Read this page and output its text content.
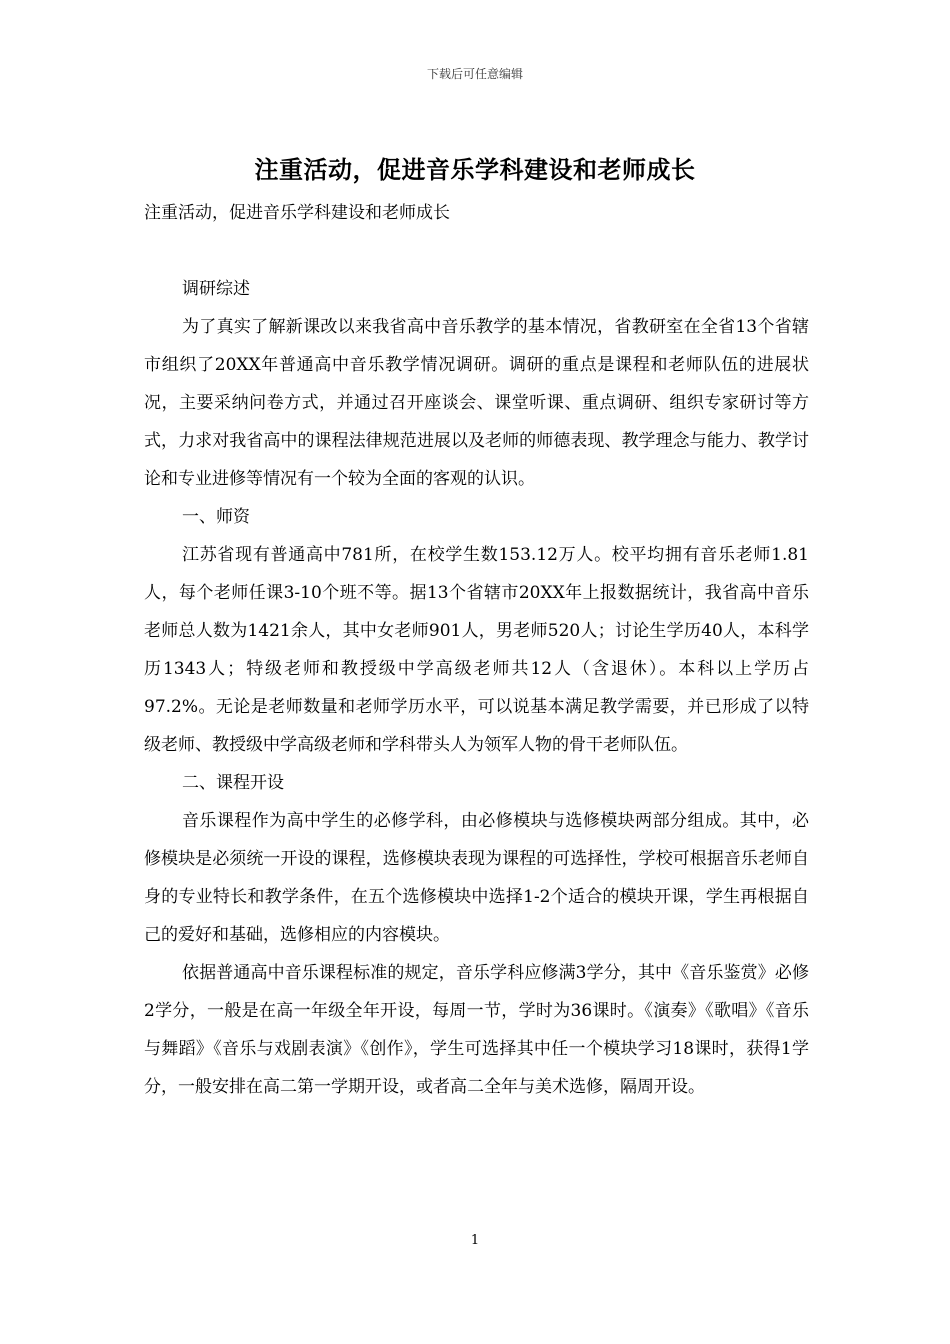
下载后可任意编辑
注重活动，促进音乐学科建设和老师成长

注重活动，促进音乐学科建设和老师成长

调研综述

为了真实了解新课改以来我省高中音乐教学的基本情况，省教研室在全省13个省辖市组织了20XX年普通高中音乐教学情况调研。调研的重点是课程和老师队伍的进展状况，主要采纳问卷方式，并通过召开座谈会、课堂听课、重点调研、组织专家研讨等方式，力求对我省高中的课程法律规范进展以及老师的师德表现、教学理念与能力、教学讨论和专业进修等情况有一个较为全面的客观的认识。

一、师资

江苏省现有普通高中781所，在校学生数153.12万人。校平均拥有音乐老师1.81人，每个老师任课3-10个班不等。据13个省辖市20XX年上报数据统计，我省高中音乐老师总人数为1421余人，其中女老师901人，男老师520人；讨论生学历40人，本科学历1343人；特级老师和教授级中学高级老师共12人（含退休）。本科以上学历占97.2%。无论是老师数量和老师学历水平，可以说基本满足教学需要，并已形成了以特级老师、教授级中学高级老师和学科带头人为领军人物的骨干老师队伍。

二、课程开设

音乐课程作为高中学生的必修学科，由必修模块与选修模块两部分组成。其中，必修模块是必须统一开设的课程，选修模块表现为课程的可选择性，学校可根据音乐老师自身的专业特长和教学条件，在五个选修模块中选择1-2个适合的模块开课，学生再根据自己的爱好和基础，选修相应的内容模块。

依据普通高中音乐课程标准的规定，音乐学科应修满3学分，其中《音乐鉴赏》必修2学分，一般是在高一年级全年开设，每周一节，学时为36课时。《演奏》《歌唱》《音乐与舞蹈》《音乐与戏剧表演》《创作》，学生可选择其中任一个模块学习18课时，获得1学分，一般安排在高二第一学期开设，或者高二全年与美术选修，隔周开设。

1
